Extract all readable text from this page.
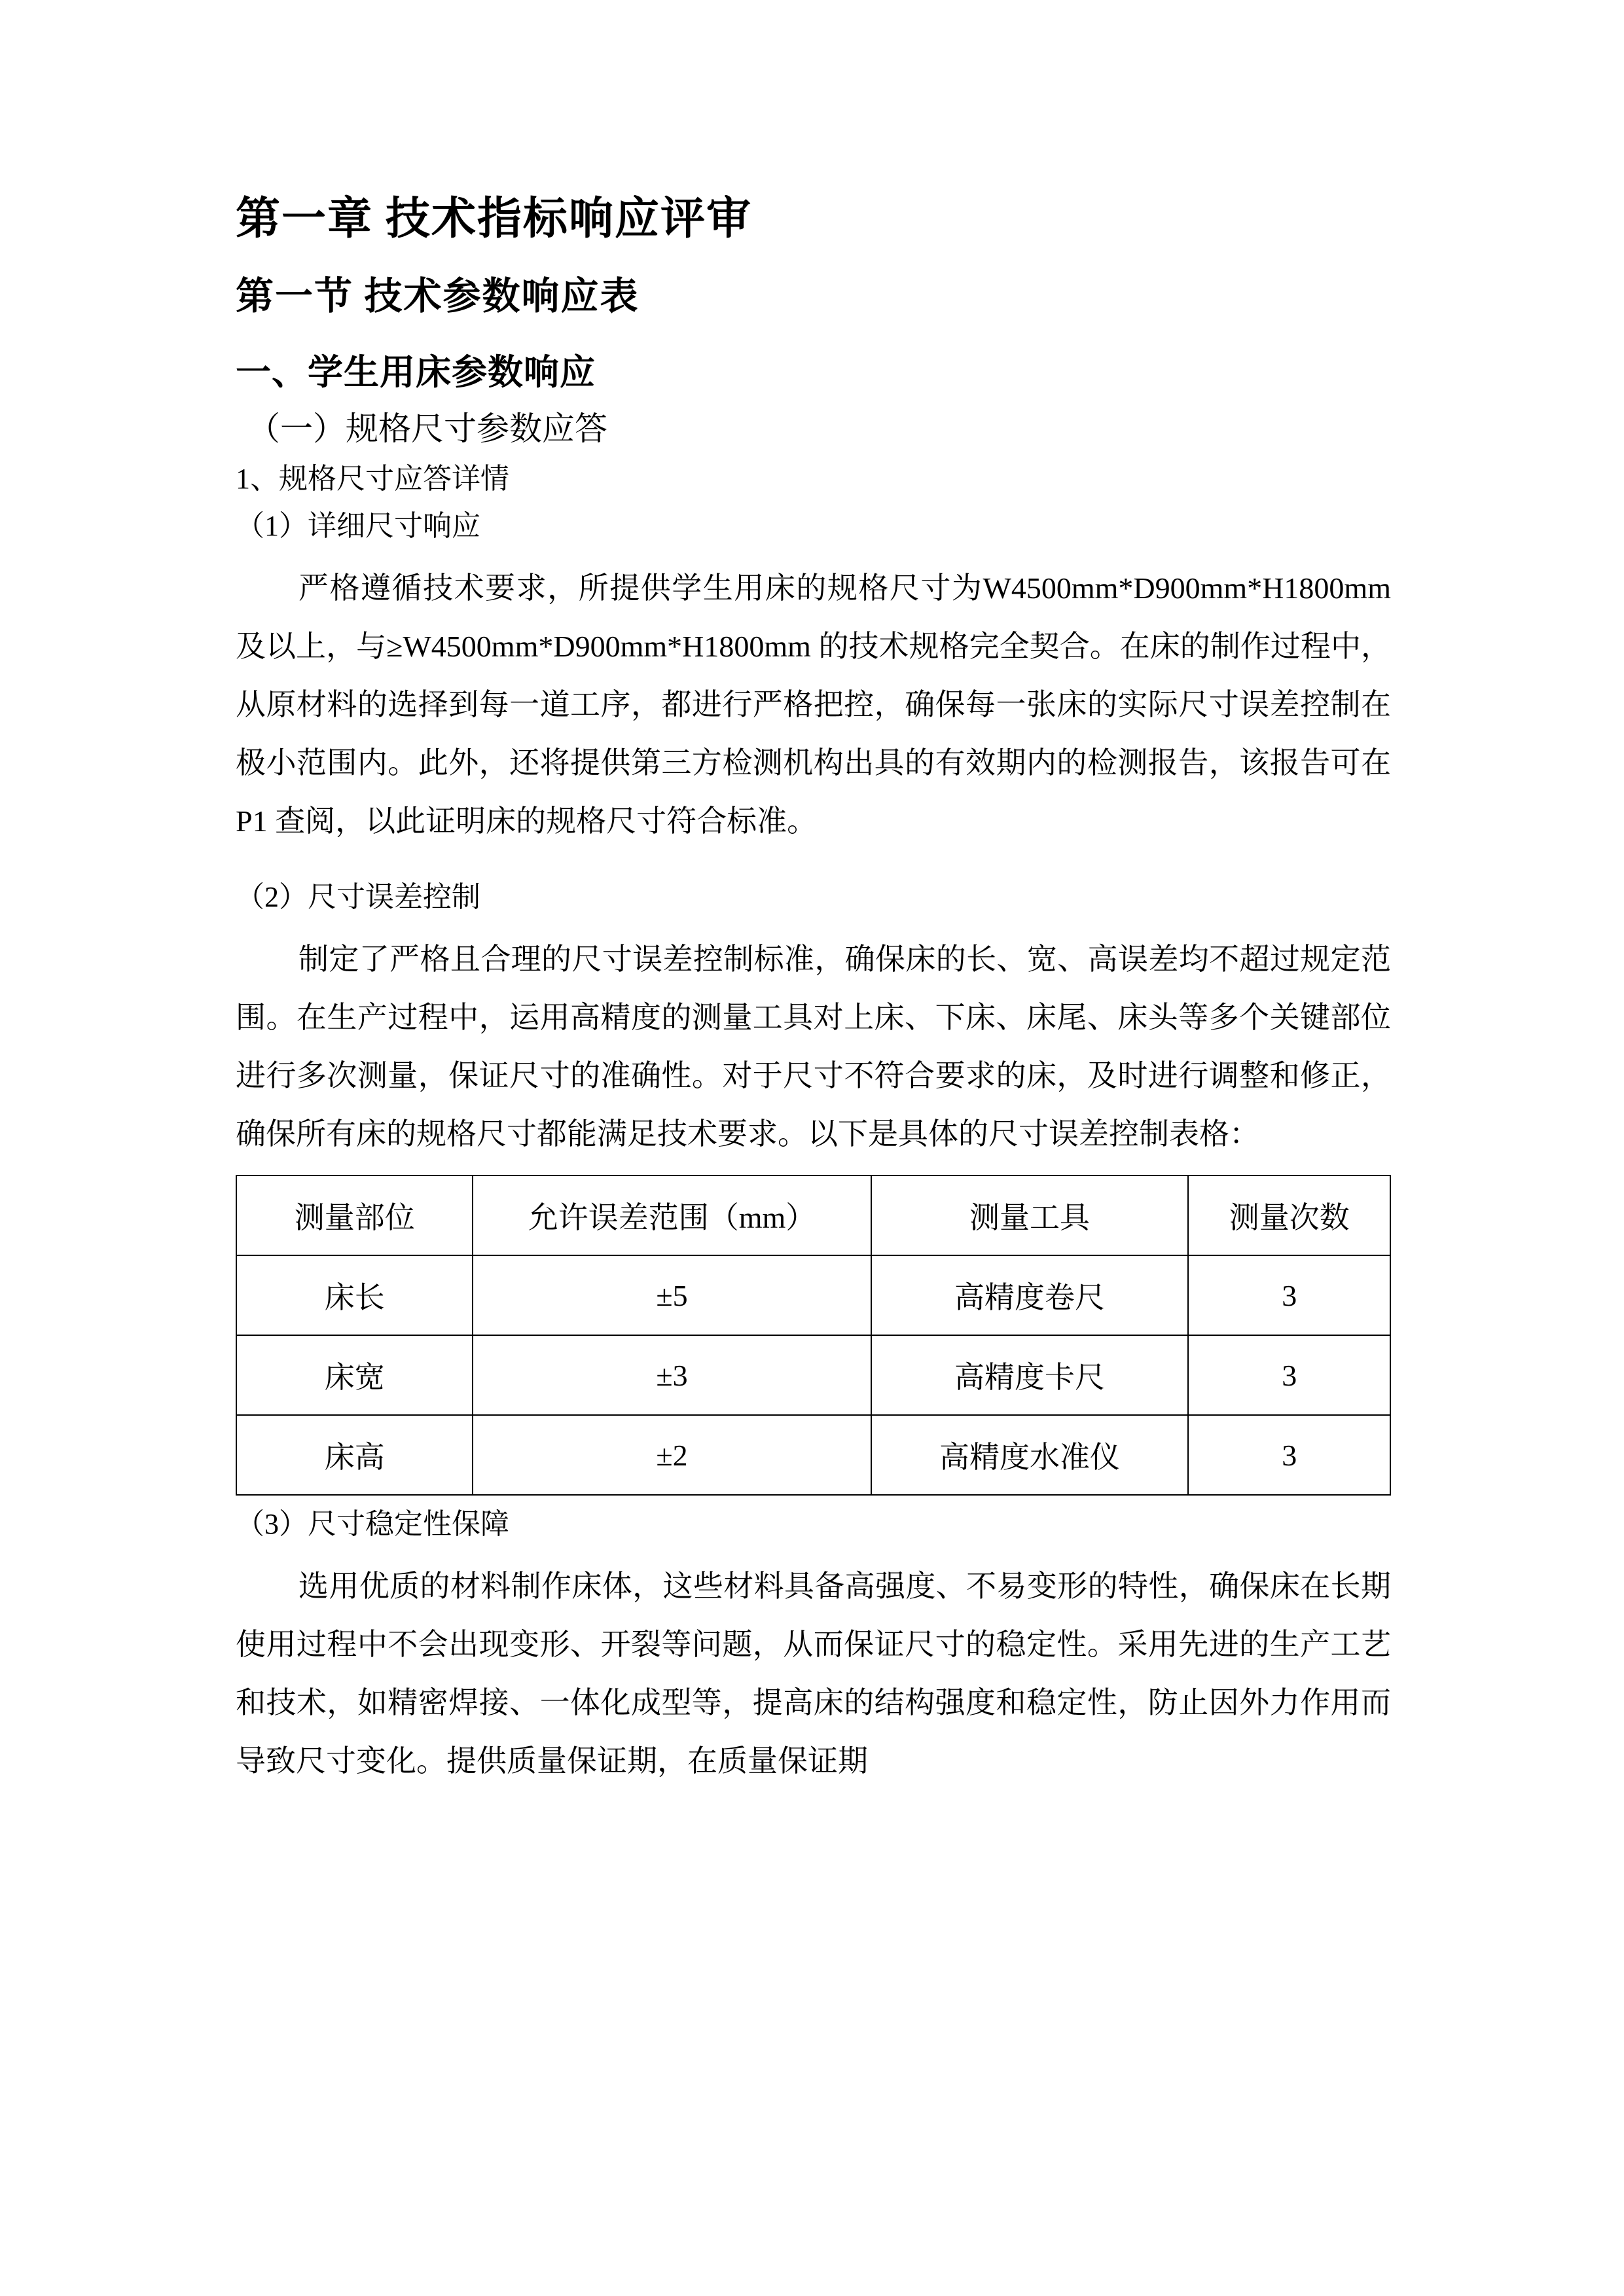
第一章 技术指标响应评审
第一节 技术参数响应表
一、学生用床参数响应
（一）规格尺寸参数应答
1、规格尺寸应答详情
（1）详细尺寸响应

严格遵循技术要求，所提供学生用床的规格尺寸为W4500mm*D900mm*H1800mm 及以上，与≥W4500mm*D900mm*H1800mm 的技术规格完全契合。在床的制作过程中，从原材料的选择到每一道工序，都进行严格把控，确保每一张床的实际尺寸误差控制在极小范围内。此外，还将提供第三方检测机构出具的有效期内的检测报告，该报告可在 P1 查阅，以此证明床的规格尺寸符合标准。

（2）尺寸误差控制

制定了严格且合理的尺寸误差控制标准，确保床的长、宽、高误差均不超过规定范围。在生产过程中，运用高精度的测量工具对上床、下床、床尾、床头等多个关键部位进行多次测量，保证尺寸的准确性。对于尺寸不符合要求的床，及时进行调整和修正，确保所有床的规格尺寸都能满足技术要求。以下是具体的尺寸误差控制表格：

测量部位	允许误差范围（mm）	测量工具	测量次数
床长	±5	高精度卷尺	3
床宽	±3	高精度卡尺	3
床高	±2	高精度水准仪	3
（3）尺寸稳定性保障

选用优质的材料制作床体，这些材料具备高强度、不易变形的特性，确保床在长期使用过程中不会出现变形、开裂等问题，从而保证尺寸的稳定性。采用先进的生产工艺和技术，如精密焊接、一体化成型等，提高床的结构强度和稳定性，防止因外力作用而导致尺寸变化。提供质量保证期，在质量保证期
